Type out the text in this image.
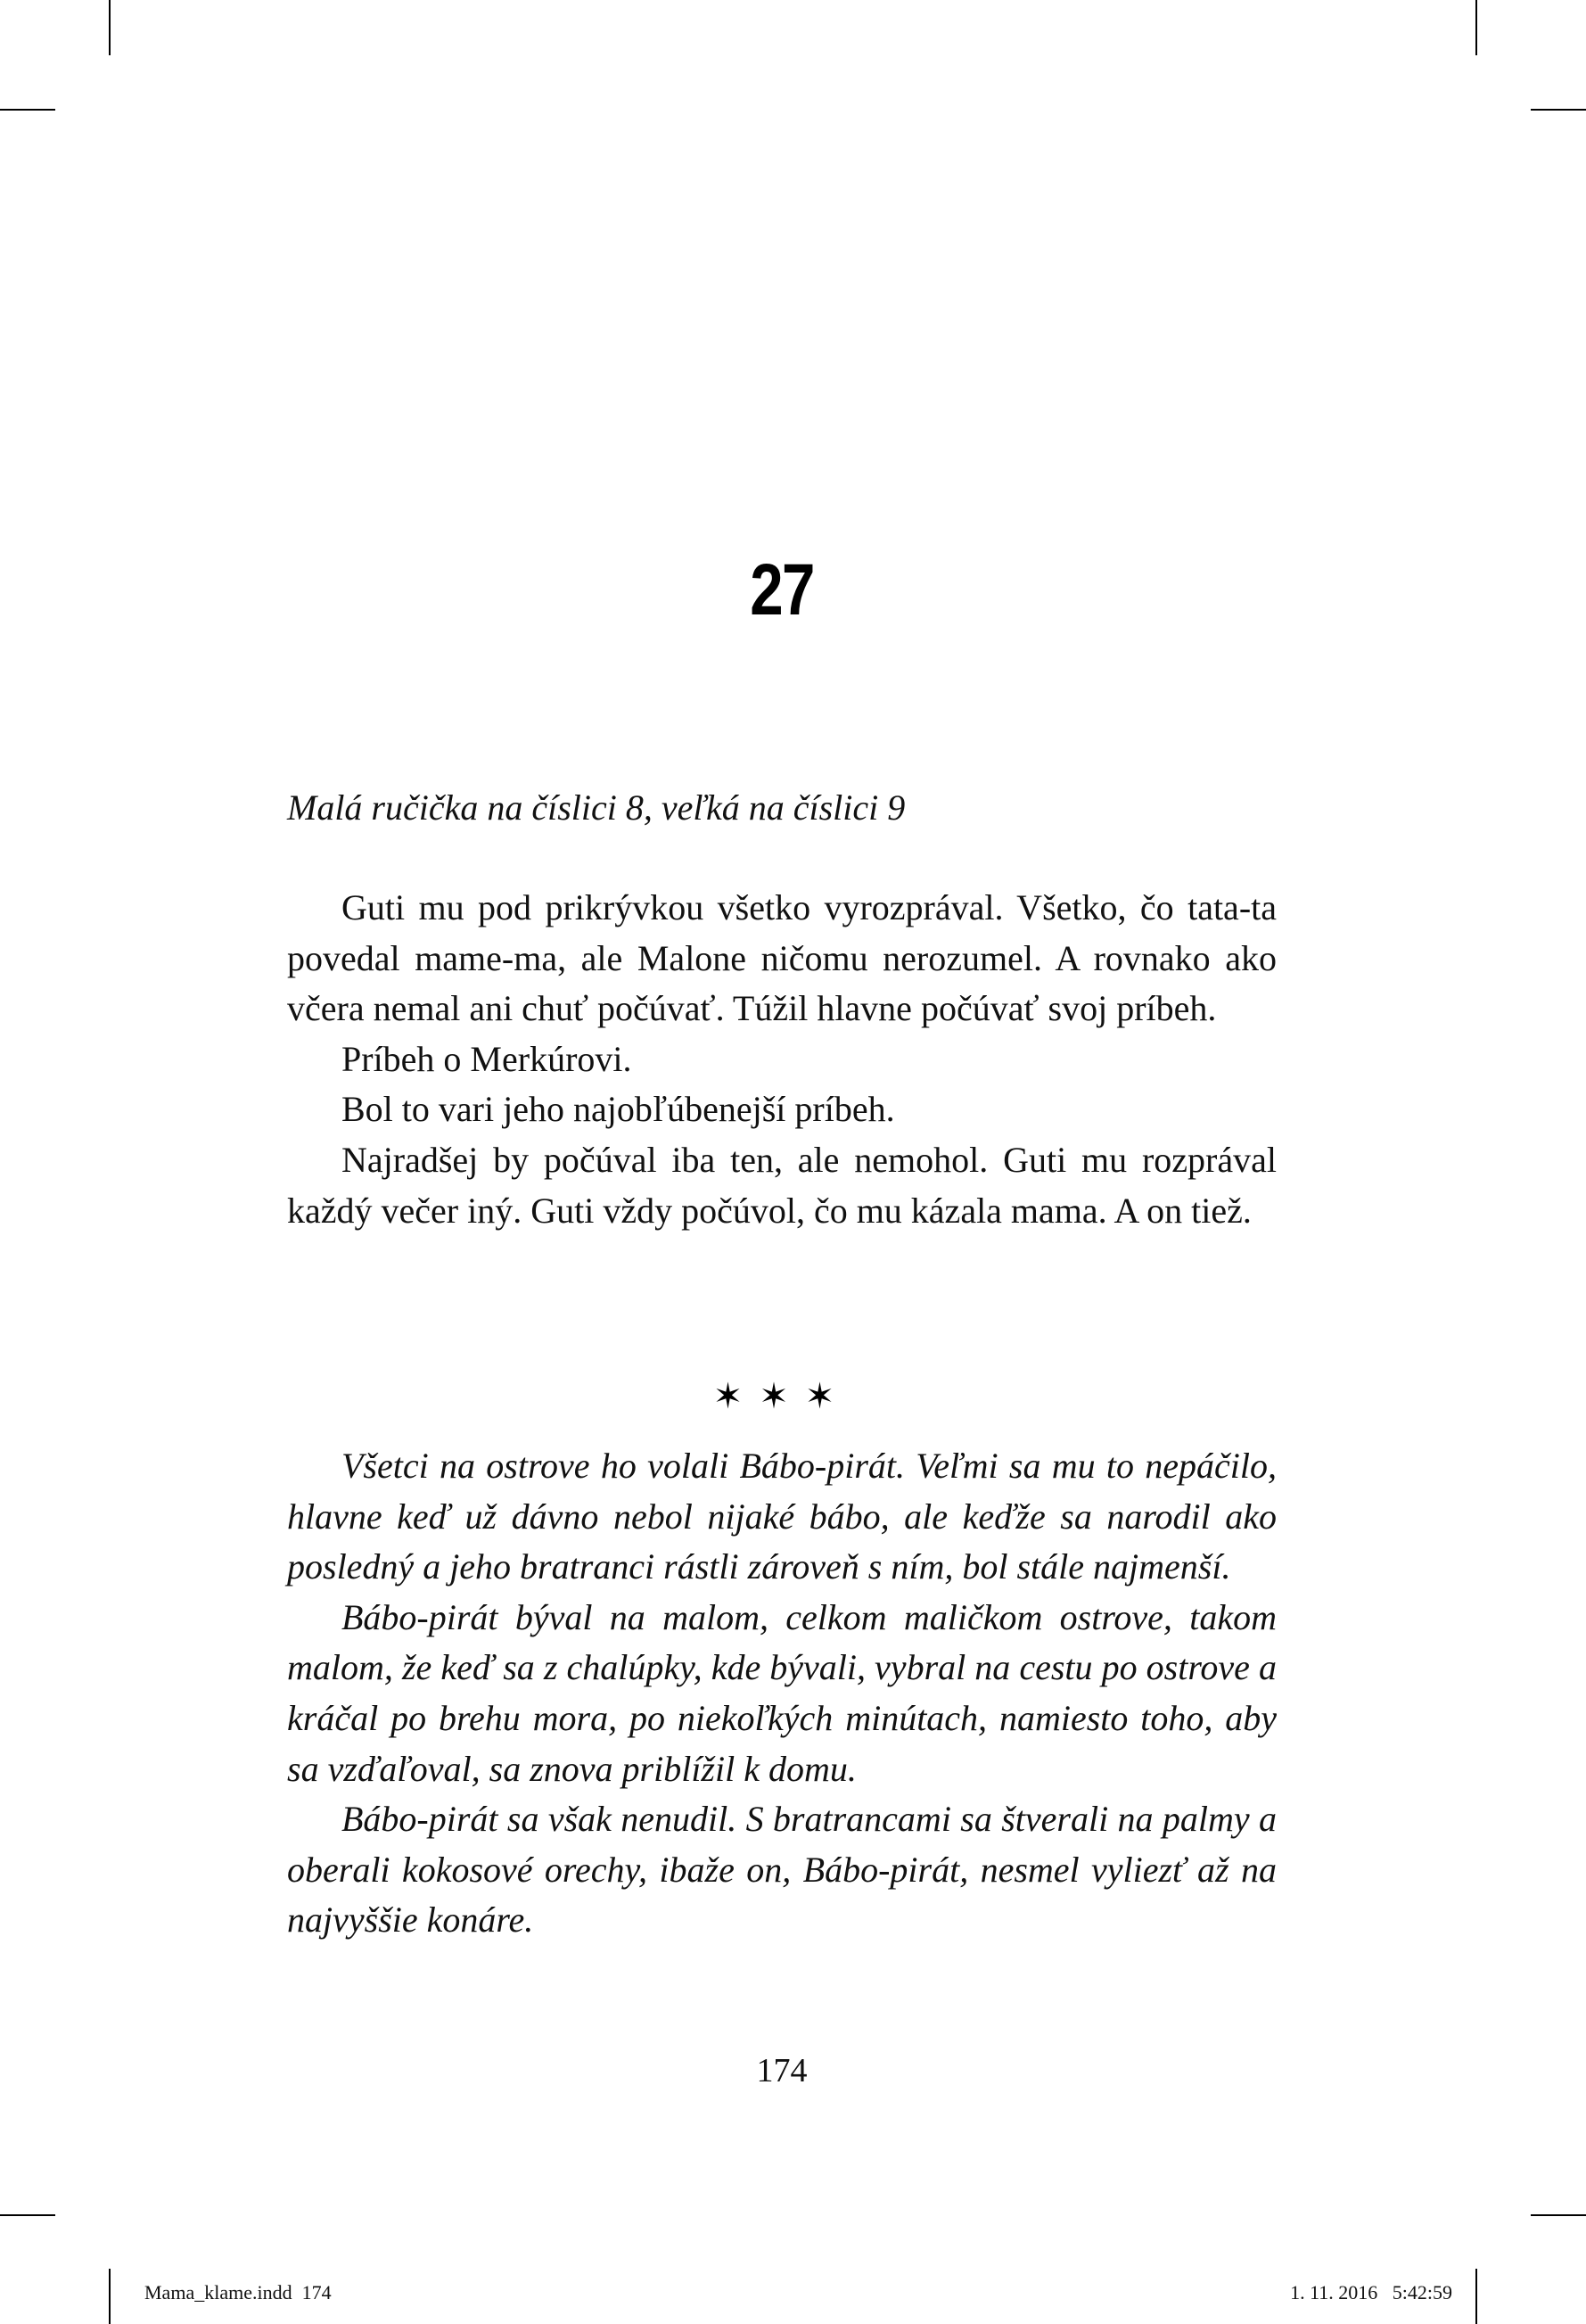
27
Malá ručička na číslici 8, veľká na číslici 9

Guti mu pod prikrývkou všetko vyrozprával. Všetko, čo tata-ta povedal mame-ma, ale Malone ničomu nerozumel. A rovnako ako včera nemal ani chuť počúvať. Túžil hlavne počúvať svoj príbeh.

Príbeh o Merkúrovi.

Bol to vari jeho najobľúbenejší príbeh.

Najradšej by počúval iba ten, ale nemohol. Guti mu rozprával každý večer iný. Guti vždy počúvol, čo mu kázala mama. A on tiež.

✶✶✶

Všetci na ostrove ho volali Bábo-pirát. Veľmi sa mu to nepáčilo, hlavne keď už dávno nebol nijaké bábo, ale keďže sa narodil ako posledný a jeho bratranci rástli zároveň s ním, bol stále najmenší.

Bábo-pirát býval na malom, celkom maličkom ostrove, takom malom, že keď sa z chalúpky, kde bývali, vybral na cestu po ostrove a kráčal po brehu mora, po niekoľkých minútach, namiesto toho, aby sa vzďaľoval, sa znova priblížil k domu.

Bábo-pirát sa však nenudil. S bratrancami sa štverali na palmy a oberali kokosové orechy, ibaže on, Bábo-pirát, nesmel vyliezť až na najvyššie konáre.

174
Mama_klame.indd 174	1. 11. 2016 5:42:59
